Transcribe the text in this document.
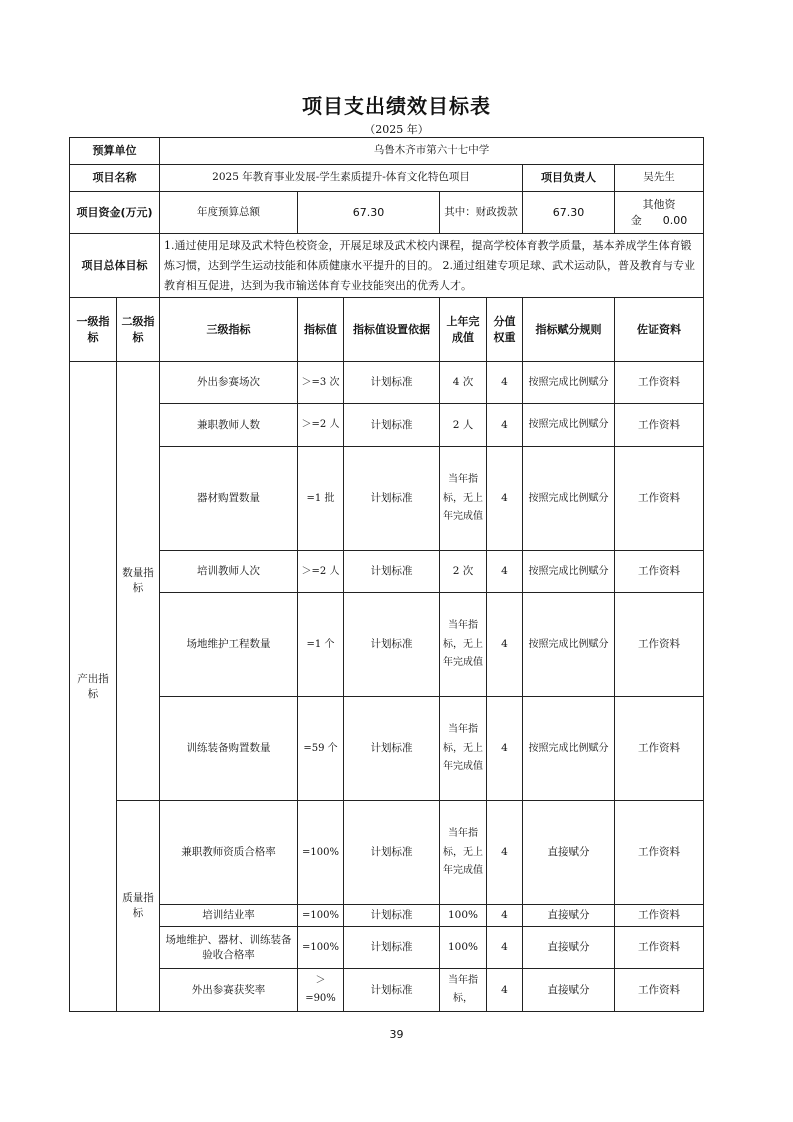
项目支出绩效目标表
（2025 年）
预算单位		乌鲁木齐市第六十七中学						
项目名称		2025 年教育事业发展-学生素质提升-体育文化特色项目					项目负责人	吴先生
项目资金(万元)		年度预算总额	67.30		其中：财政拨款		67.30	其他资金 0.00
项目总体目标		1.通过使用足球及武术特色校资金，开展足球及武术校内课程，提高学校体育教学质量，基本养成学生体育锻炼习惯，达到学生运动技能和体质健康水平提升的目的。 2.通过组建专项足球、武术运动队，普及教育与专业教育相互促进，达到为我市输送体育专业技能突出的优秀人才。						
一级指标	二级指标	三级指标	指标值	指标值设置依据	上年完成值	分值权重	指标赋分规则	佐证资料
产出指标	数量指标	外出参赛场次	＞=3 次	计划标准	4 次	4	按照完成比例赋分	工作资料
		兼职教师人数	＞=2 人	计划标准	2 人	4	按照完成比例赋分	工作资料
		器材购置数量	=1 批	计划标准	当年指标，无上年完成值	4	按照完成比例赋分	工作资料
		培训教师人次	＞=2 人	计划标准	2 次	4	按照完成比例赋分	工作资料
		场地维护工程数量	=1 个	计划标准	当年指标，无上年完成值	4	按照完成比例赋分	工作资料
		训练装备购置数量	=59 个	计划标准	当年指标，无上年完成值	4	按照完成比例赋分	工作资料
	质量指标	兼职教师资质合格率	=100%	计划标准	当年指标，无上年完成值	4	直接赋分	工作资料
		培训结业率	=100%	计划标准	100%	4	直接赋分	工作资料
		场地维护、器材、训练装备验收合格率	=100%	计划标准	100%	4	直接赋分	工作资料
		外出参赛获奖率	＞=90%	计划标准	当年指标，	4	直接赋分	工作资料
39
